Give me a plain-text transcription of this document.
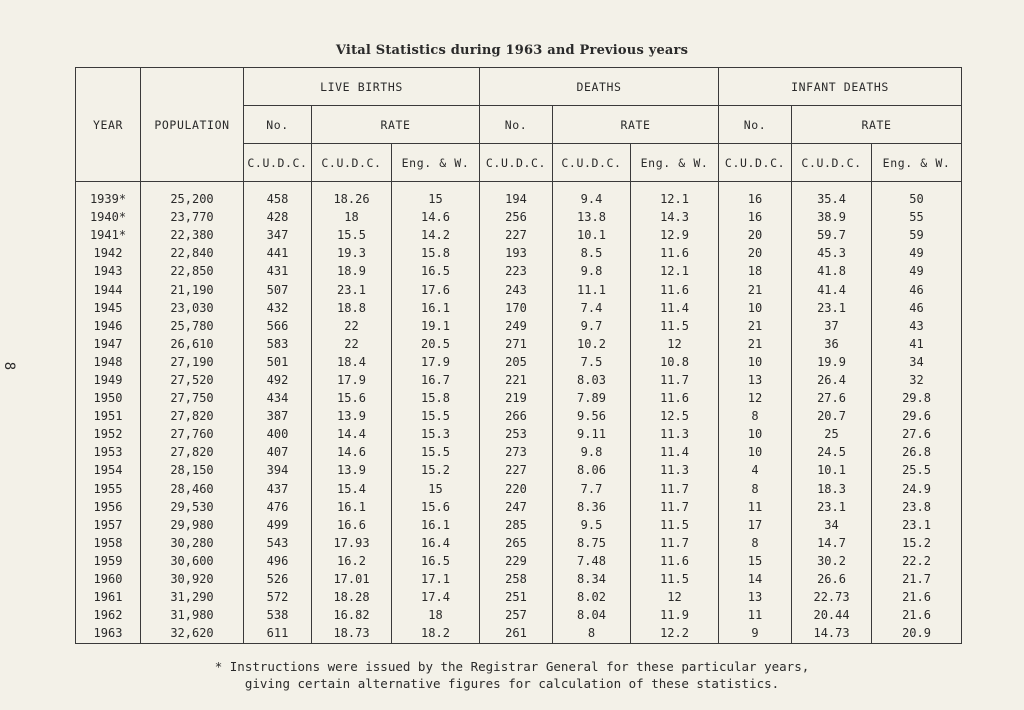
8
Vital Statistics during 1963 and Previous years
YEAR	POPULATION	LIVE BIRTHS			DEATHS			INFANT DEATHS		
		No.	RATE		No.	RATE		No.	RATE	
		C.U.D.C.	C.U.D.C.	Eng. & W.	C.U.D.C.	C.U.D.C.	Eng. & W.	C.U.D.C.	C.U.D.C.	Eng. & W.
1939*	25,200	458	18.26	15	194	9.4	12.1	16	35.4	50
1940*	23,770	428	18	14.6	256	13.8	14.3	16	38.9	55
1941*	22,380	347	15.5	14.2	227	10.1	12.9	20	59.7	59
1942	22,840	441	19.3	15.8	193	8.5	11.6	20	45.3	49
1943	22,850	431	18.9	16.5	223	9.8	12.1	18	41.8	49
1944	21,190	507	23.1	17.6	243	11.1	11.6	21	41.4	46
1945	23,030	432	18.8	16.1	170	7.4	11.4	10	23.1	46
1946	25,780	566	22	19.1	249	9.7	11.5	21	37	43
1947	26,610	583	22	20.5	271	10.2	12	21	36	41
1948	27,190	501	18.4	17.9	205	7.5	10.8	10	19.9	34
1949	27,520	492	17.9	16.7	221	8.03	11.7	13	26.4	32
1950	27,750	434	15.6	15.8	219	7.89	11.6	12	27.6	29.8
1951	27,820	387	13.9	15.5	266	9.56	12.5	8	20.7	29.6
1952	27,760	400	14.4	15.3	253	9.11	11.3	10	25	27.6
1953	27,820	407	14.6	15.5	273	9.8	11.4	10	24.5	26.8
1954	28,150	394	13.9	15.2	227	8.06	11.3	4	10.1	25.5
1955	28,460	437	15.4	15	220	7.7	11.7	8	18.3	24.9
1956	29,530	476	16.1	15.6	247	8.36	11.7	11	23.1	23.8
1957	29,980	499	16.6	16.1	285	9.5	11.5	17	34	23.1
1958	30,280	543	17.93	16.4	265	8.75	11.7	8	14.7	15.2
1959	30,600	496	16.2	16.5	229	7.48	11.6	15	30.2	22.2
1960	30,920	526	17.01	17.1	258	8.34	11.5	14	26.6	21.7
1961	31,290	572	18.28	17.4	251	8.02	12	13	22.73	21.6
1962	31,980	538	16.82	18	257	8.04	11.9	11	20.44	21.6
1963	32,620	611	18.73	18.2	261	8	12.2	9	14.73	20.9
* Instructions were issued by the Registrar General for these particular years,
giving certain alternative figures for calculation of these statistics.
